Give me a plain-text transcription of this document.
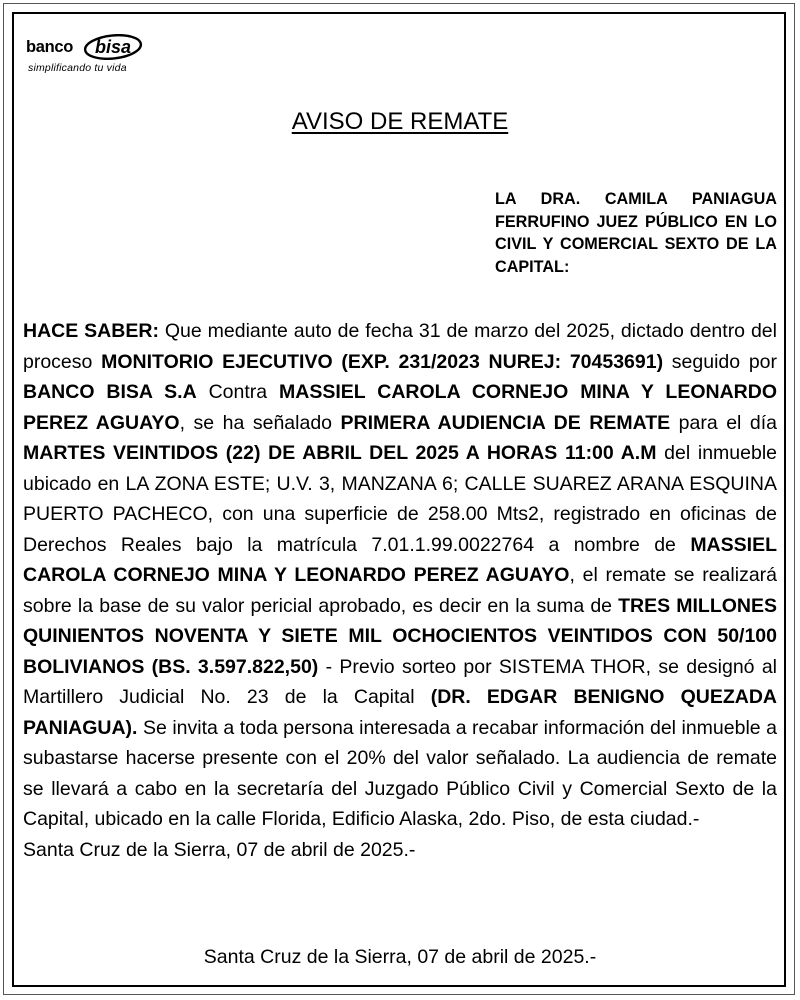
banco bisa
simplificando tu vida
AVISO DE REMATE
LA DRA. CAMILA PANIAGUA FERRUFINO JUEZ PÚBLICO EN LO CIVIL Y COMERCIAL SEXTO DE LA CAPITAL:

HACE SABER: Que mediante auto de fecha 31 de marzo del 2025, dictado dentro del proceso MONITORIO EJECUTIVO (EXP. 231/2023 NUREJ: 70453691) seguido por BANCO BISA S.A Contra MASSIEL CAROLA CORNEJO MINA Y LEONARDO PEREZ AGUAYO, se ha señalado PRIMERA AUDIENCIA DE REMATE para el día MARTES VEINTIDOS (22) DE ABRIL DEL 2025 A HORAS 11:00 A.M del inmueble ubicado en LA ZONA ESTE; U.V. 3, MANZANA 6; CALLE SUAREZ ARANA ESQUINA PUERTO PACHECO, con una superficie de 258.00 Mts2, registrado en oficinas de Derechos Reales bajo la matrícula 7.01.1.99.0022764 a nombre de MASSIEL CAROLA CORNEJO MINA Y LEONARDO PEREZ AGUAYO, el remate se realizará sobre la base de su valor pericial aprobado, es decir en la suma de TRES MILLONES QUINIENTOS NOVENTA Y SIETE MIL OCHOCIENTOS VEINTIDOS CON 50/100 BOLIVIANOS (BS. 3.597.822,50) - Previo sorteo por SISTEMA THOR, se designó al Martillero Judicial No. 23 de la Capital (DR. EDGAR BENIGNO QUEZADA PANIAGUA). Se invita a toda persona interesada a recabar información del inmueble a subastarse hacerse presente con el 20% del valor señalado. La audiencia de remate se llevará a cabo en la secretaría del Juzgado Público Civil y Comercial Sexto de la Capital, ubicado en la calle Florida, Edificio Alaska, 2do. Piso, de esta ciudad.-

Santa Cruz de la Sierra, 07 de abril de 2025.-

Santa Cruz de la Sierra, 07 de abril de 2025.-
